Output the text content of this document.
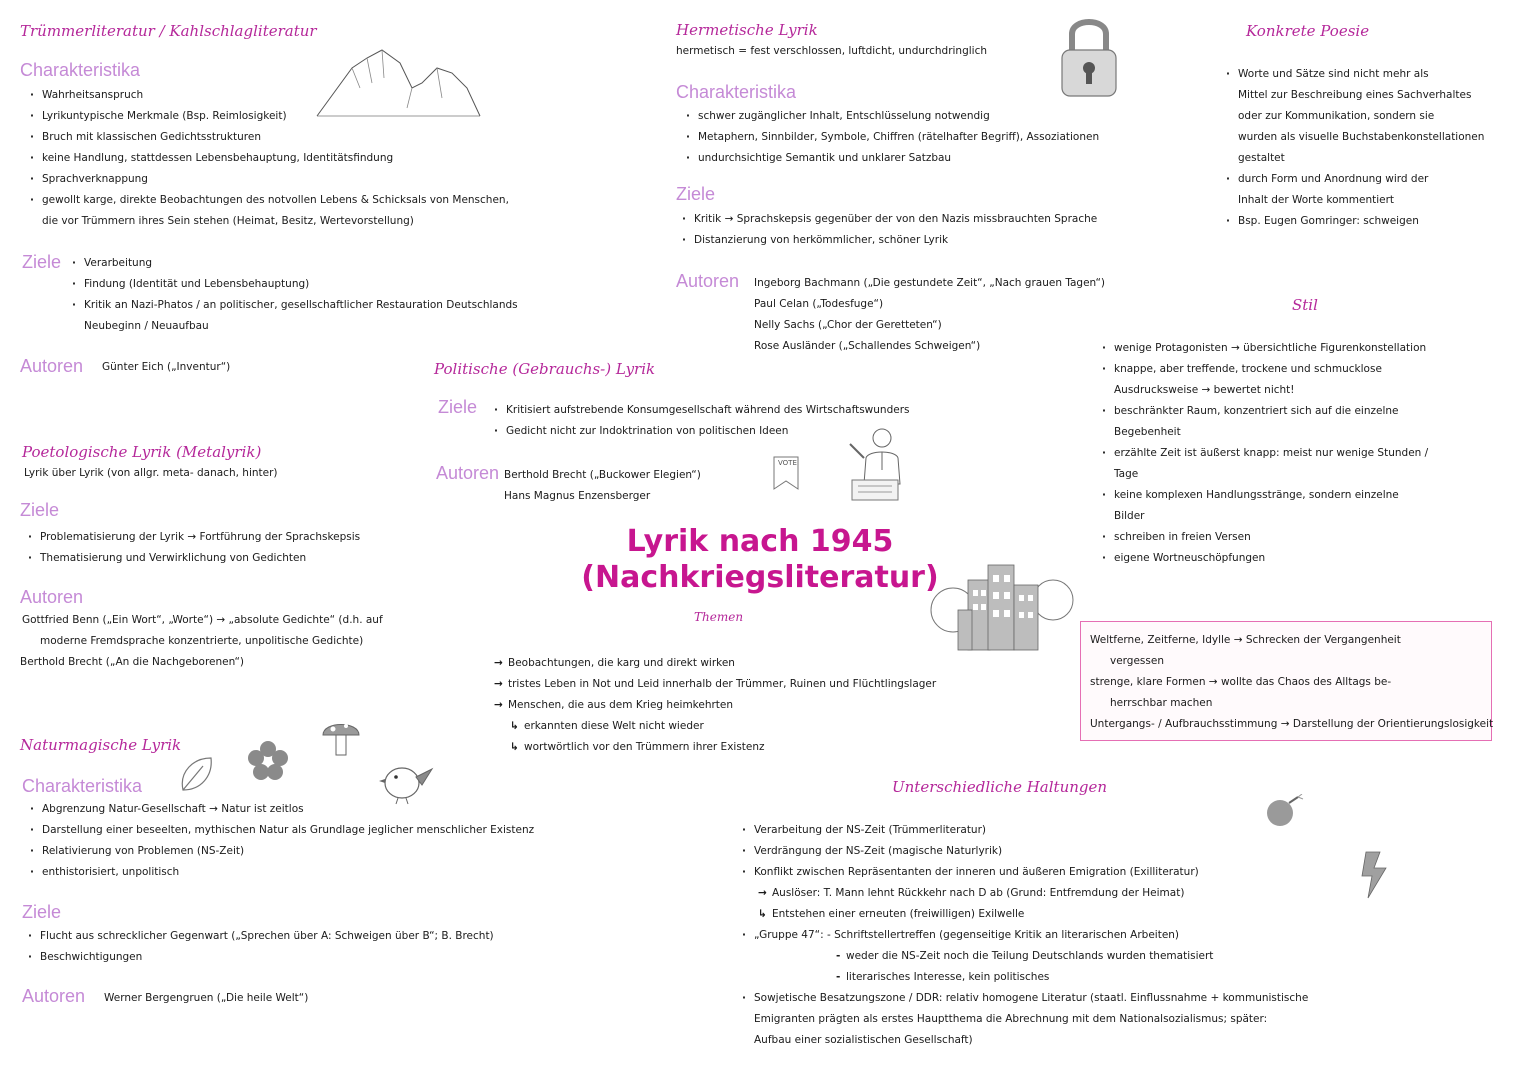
Trümmerliteratur / Kahlschlagliteratur
Charakteristika
· Wahrheitsanspruch
· Lyrikuntypische Merkmale (Bsp. Reimlosigkeit)
· Bruch mit klassischen Gedichtsstrukturen
· keine Handlung, stattdessen Lebensbehauptung, Identitätsfindung
· Sprachverknappung
· gewollt karge, direkte Beobachtungen des notvollen Lebens & Schicksals von Menschen,
die vor Trümmern ihres Sein stehen (Heimat, Besitz, Wertevorstellung)
Ziele	· Verarbeitung
· Findung (Identität und Lebensbehauptung)
· Kritik an Nazi-Phatos / an politischer, gesellschaftlicher Restauration Deutschlands
Neubeginn / Neuaufbau
Autoren Günter Eich („Inventur“)
Poetologische Lyrik (Metalyrik)
Lyrik über Lyrik (von allgr. meta- danach, hinter)
Ziele
· Problematisierung der Lyrik → Fortführung der Sprachskepsis
· Thematisierung und Verwirklichung von Gedichten
Autoren
Gottfried Benn („Ein Wort“, „Worte“) → „absolute Gedichte“ (d.h. auf
moderne Fremdsprache konzentrierte, unpolitische Gedichte)
Berthold Brecht („An die Nachgeborenen“)
Naturmagische Lyrik
Charakteristika
· Abgrenzung Natur-Gesellschaft → Natur ist zeitlos
· Darstellung einer beseelten, mythischen Natur als Grundlage jeglicher menschlicher Existenz
· Relativierung von Problemen (NS-Zeit)
· enthistorisiert, unpolitisch
Ziele
· Flucht aus schrecklicher Gegenwart („Sprechen über A: Schweigen über B“; B. Brecht)
· Beschwichtigungen
Autoren Werner Bergengruen („Die heile Welt“)
Hermetische Lyrik
hermetisch = fest verschlossen, luftdicht, undurchdringlich
Charakteristika
· schwer zugänglicher Inhalt, Entschlüsselung notwendig
· Metaphern, Sinnbilder, Symbole, Chiffren (rätelhafter Begriff), Assoziationen
· undurchsichtige Semantik und unklarer Satzbau
Ziele
· Kritik → Sprachskepsis gegenüber der von den Nazis missbrauchten Sprache
· Distanzierung von herkömmlicher, schöner Lyrik
Autoren Ingeborg Bachmann („Die gestundete Zeit“, „Nach grauen Tagen“)
Paul Celan („Todesfuge“)
Nelly Sachs („Chor der Geretteten“)
Rose Ausländer („Schallendes Schweigen“)
Politische (Gebrauchs-) Lyrik
Ziele	· Kritisiert aufstrebende Konsumgesellschaft während des Wirtschaftswunders
· Gedicht nicht zur Indoktrination von politischen Ideen
Autoren Berthold Brecht („Buckower Elegien“)
Hans Magnus Enzensberger
VOTE
Lyrik nach 1945
(Nachkriegsliteratur)
Themen
→ Beobachtungen, die karg und direkt wirken
→ tristes Leben in Not und Leid innerhalb der Trümmer, Ruinen und Flüchtlingslager
→ Menschen, die aus dem Krieg heimkehrten
↳ erkannten diese Welt nicht wieder
↳ wortwörtlich vor den Trümmern ihrer Existenz
Konkrete Poesie
· Worte und Sätze sind nicht mehr als
Mittel zur Beschreibung eines Sachverhaltes
oder zur Kommunikation, sondern sie
wurden als visuelle Buchstabenkonstellationen
gestaltet
· durch Form und Anordnung wird der
Inhalt der Worte kommentiert
· Bsp. Eugen Gomringer: schweigen
Stil
· wenige Protagonisten → übersichtliche Figurenkonstellation
· knappe, aber treffende, trockene und schmucklose
Ausdrucksweise → bewertet nicht!
· beschränkter Raum, konzentriert sich auf die einzelne
Begebenheit
· erzählte Zeit ist äußerst knapp: meist nur wenige Stunden /
Tage
· keine komplexen Handlungsstränge, sondern einzelne
Bilder
· schreiben in freien Versen
· eigene Wortneuschöpfungen
Weltferne, Zeitferne, Idylle → Schrecken der Vergangenheit
vergessen
strenge, klare Formen → wollte das Chaos des Alltags be-
herrschbar machen
Untergangs- / Aufbrauchsstimmung → Darstellung der Orientierungslosigkeit
Unterschiedliche Haltungen
· Verarbeitung der NS-Zeit (Trümmerliteratur)
· Verdrängung der NS-Zeit (magische Naturlyrik)
· Konflikt zwischen Repräsentanten der inneren und äußeren Emigration (Exilliteratur)
→ Auslöser: T. Mann lehnt Rückkehr nach D ab (Grund: Entfremdung der Heimat)
↳ Entstehen einer erneuten (freiwilligen) Exilwelle
· „Gruppe 47“: - Schriftstellertreffen (gegenseitige Kritik an literarischen Arbeiten)
- weder die NS-Zeit noch die Teilung Deutschlands wurden thematisiert
- literarisches Interesse, kein politisches
· Sowjetische Besatzungszone / DDR: relativ homogene Literatur (staatl. Einflussnahme + kommunistische
Emigranten prägten als erstes Hauptthema die Abrechnung mit dem Nationalsozialismus; später:
Aufbau einer sozialistischen Gesellschaft)
